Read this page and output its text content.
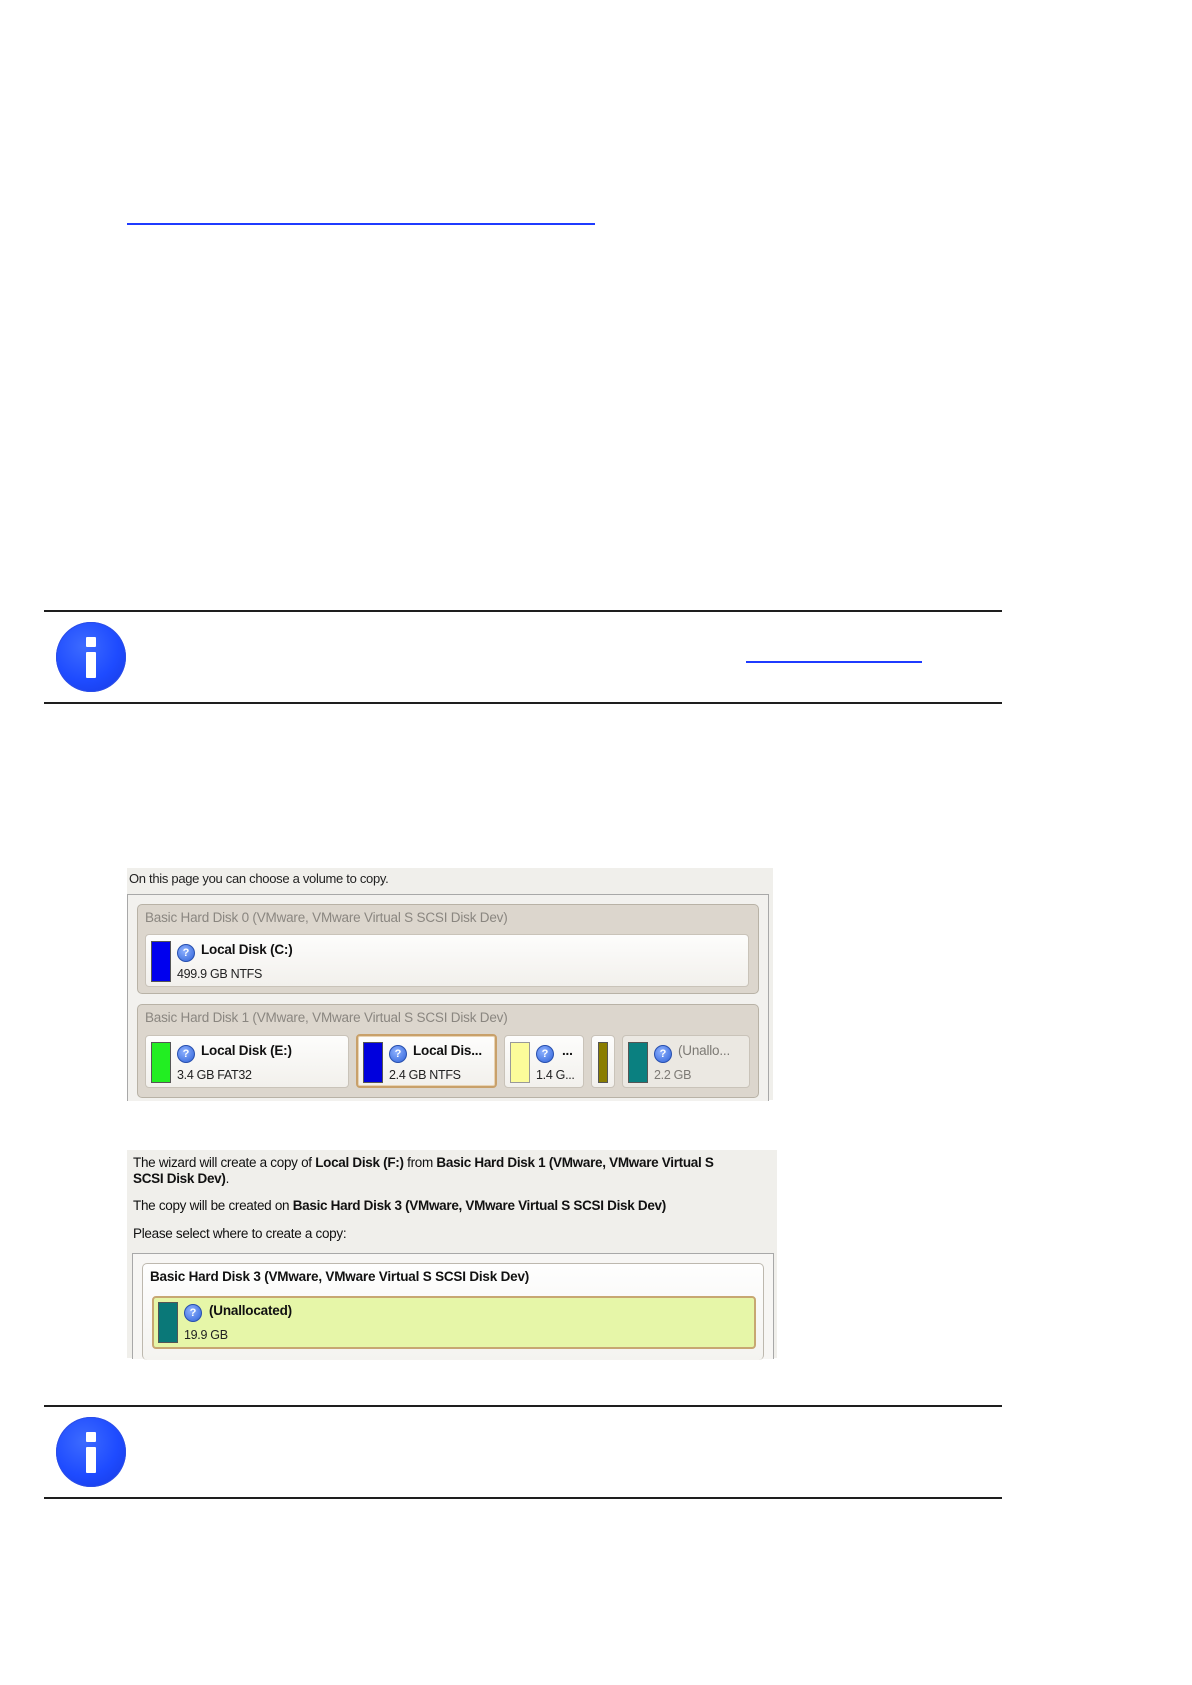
On this page you can choose a volume to copy.
Basic Hard Disk 0 (VMware, VMware Virtual S SCSI Disk Dev)
? Local Disk (C:)
499.9 GB NTFS
Basic Hard Disk 1 (VMware, VMware Virtual S SCSI Disk Dev)
? Local Disk (E:)
3.4 GB FAT32
? Local Dis...
2.4 GB NTFS
?	...
1.4 G...
? (Unallo...
2.2 GB
The wizard will create a copy of Local Disk (F:) from Basic Hard Disk 1 (VMware, VMware Virtual S
SCSI Disk Dev).
The copy will be created on Basic Hard Disk 3 (VMware, VMware Virtual S SCSI Disk Dev)
Please select where to create a copy:
Basic Hard Disk 3 (VMware, VMware Virtual S SCSI Disk Dev)
? (Unallocated)
19.9 GB
